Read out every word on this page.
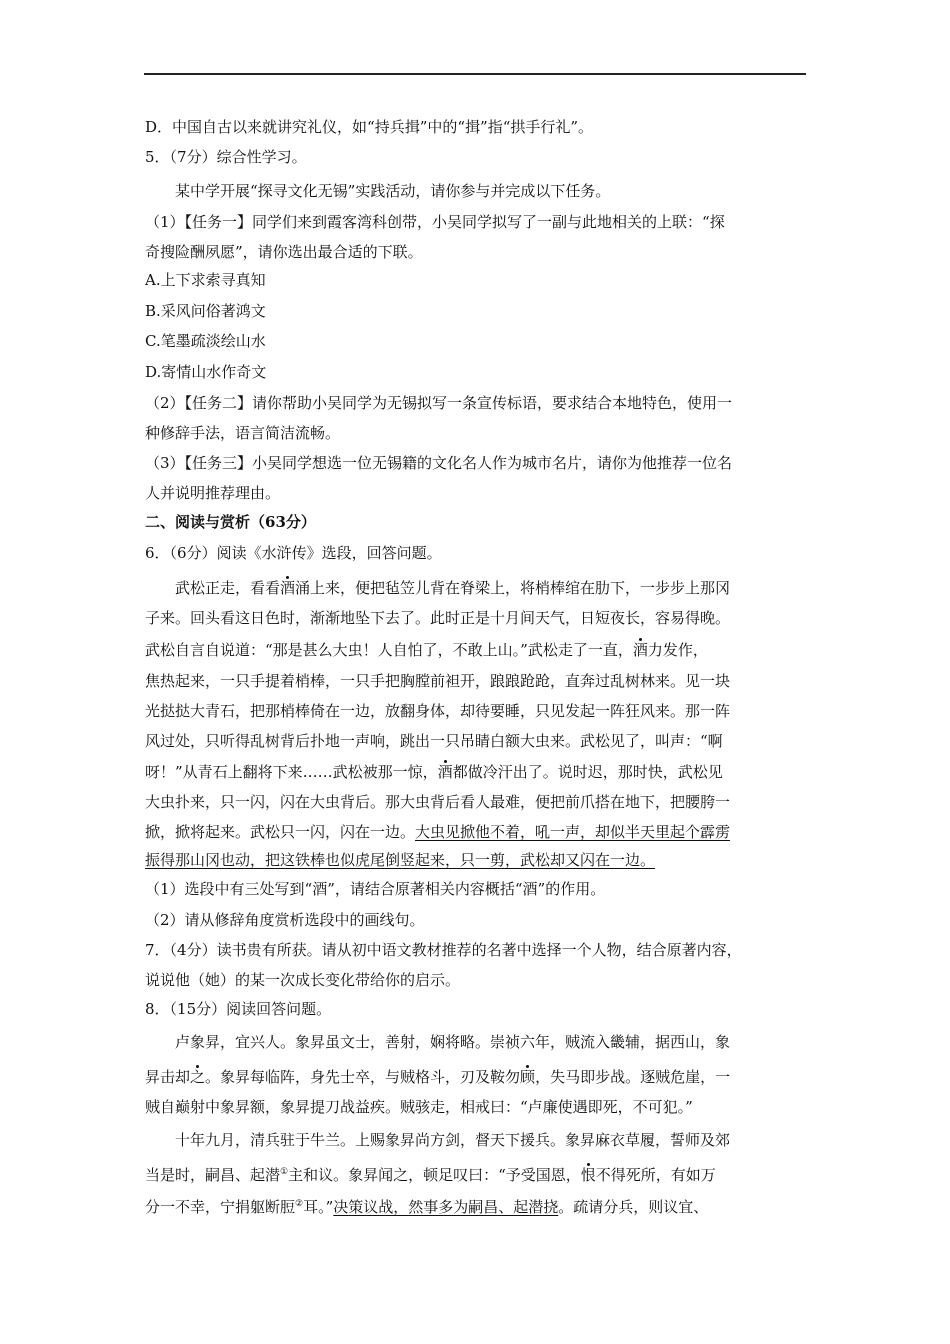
D．中国自古以来就讲究礼仪，如“持兵揖”中的“揖”指“拱手行礼”。
5．（7分）综合性学习。
某中学开展“探寻文化无锡”实践活动，请你参与并完成以下任务。
（1）【任务一】同学们来到霞客湾科创带，小吴同学拟写了一副与此地相关的上联：“探
奇搜险酬夙愿”，请你选出最合适的下联。
A.上下求索寻真知
B.采风问俗著鸿文
C.笔墨疏淡绘山水
D.寄情山水作奇文
（2）【任务二】请你帮助小吴同学为无锡拟写一条宣传标语，要求结合本地特色，使用一
种修辞手法，语言简洁流畅。
（3）【任务三】小吴同学想选一位无锡籍的文化名人作为城市名片，请你为他推荐一位名
人并说明推荐理由。
二、阅读与赏析（63分）
6．（6分）阅读《水浒传》选段，回答问题。
武松正走，看看酒涌上来，便把毡笠儿背在脊梁上，将梢棒绾在肋下，一步步上那冈
子来。回头看这日色时，渐渐地坠下去了。此时正是十月间天气，日短夜长，容易得晚。
武松自言自说道：“那是甚么大虫！人自怕了，不敢上山。”武松走了一直，酒力发作，
焦热起来，一只手提着梢棒，一只手把胸膛前袒开，踉踉跄跄，直奔过乱树林来。见一块
光挞挞大青石，把那梢棒倚在一边，放翻身体，却待要睡，只见发起一阵狂风来。那一阵
风过处，只听得乱树背后扑地一声响，跳出一只吊睛白额大虫来。武松见了，叫声：“啊
呀！”从青石上翻将下来……武松被那一惊，酒都做冷汗出了。说时迟，那时快，武松见
大虫扑来，只一闪，闪在大虫背后。那大虫背后看人最难，便把前爪搭在地下，把腰胯一
掀，掀将起来。武松只一闪，闪在一边。大虫见掀他不着，吼一声，却似半天里起个霹雳
振得那山冈也动，把这铁棒也似虎尾倒竖起来，只一剪，武松却又闪在一边。
（1）选段中有三处写到“酒”，请结合原著相关内容概括“酒”的作用。
（2）请从修辞角度赏析选段中的画线句。
7．（4分）读书贵有所获。请从初中语文教材推荐的名著中选择一个人物，结合原著内容，
说说他（她）的某一次成长变化带给你的启示。
8．（15分）阅读回答问题。
卢象昇，宜兴人。象昇虽文士，善射，娴将略。崇祯六年，贼流入畿辅，据西山，象
昇击却之。象昇每临阵，身先士卒，与贼格斗，刃及鞍勿顾，失马即步战。逐贼危崖，一
贼自巅射中象昇额，象昇提刀战益疾。贼骇走，相戒曰：“卢廉使遇即死，不可犯。”
十年九月，清兵驻于牛兰。上赐象昇尚方剑，督天下援兵。象昇麻衣草履，誓师及郊
当是时，嗣昌、起潜①主和议。象昇闻之，顿足叹曰：“予受国恩，恨不得死所，有如万
分一不幸，宁捐躯断脰②耳。”决策议战，然事多为嗣昌、起潜挠。疏请分兵，则议宜、
